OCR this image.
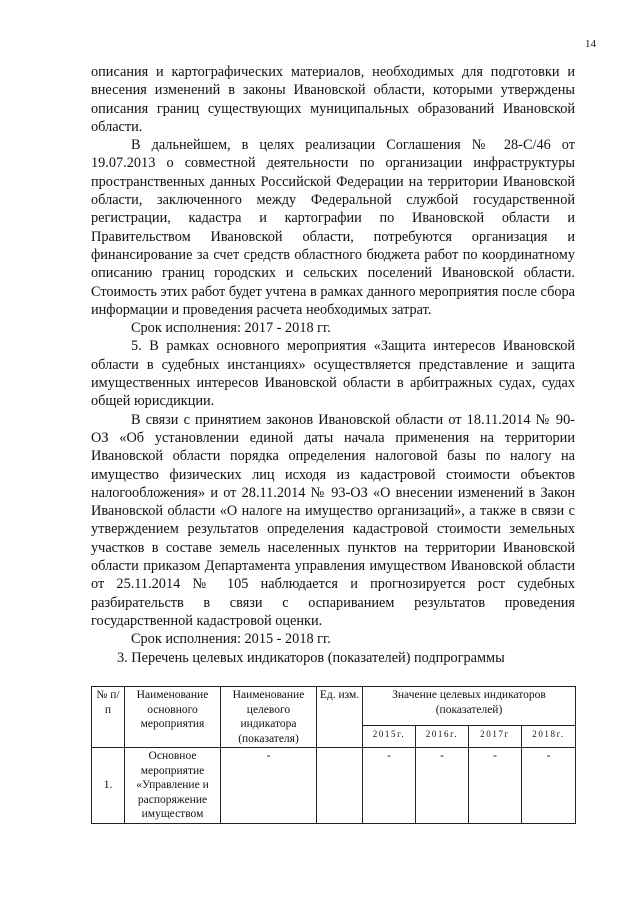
14

описания и картографических материалов, необходимых для подготовки и внесения изменений в законы Ивановской области, которыми утверждены описания границ существующих муниципальных образований Ивановской области.

В дальнейшем, в целях реализации Соглашения № 28-С/46 от 19.07.2013 о совместной деятельности по организации инфраструктуры пространственных данных Российской Федерации на территории Ивановской области, заключенного между Федеральной службой государственной регистрации, кадастра и картографии по Ивановской области и Правительством Ивановской области, потребуются организация и финансирование за счет средств областного бюджета работ по координатному описанию границ городских и сельских поселений Ивановской области. Стоимость этих работ будет учтена в рамках данного мероприятия после сбора информации и проведения расчета необходимых затрат.

Срок исполнения: 2017 - 2018 гг.

5. В рамках основного мероприятия «Защита интересов Ивановской области в судебных инстанциях» осуществляется представление и защита имущественных интересов Ивановской области в арбитражных судах, судах общей юрисдикции.

В связи с принятием законов Ивановской области от 18.11.2014 № 90-ОЗ «Об установлении единой даты начала применения на территории Ивановской области порядка определения налоговой базы по налогу на имущество физических лиц исходя из кадастровой стоимости объектов налогообложения» и от 28.11.2014 № 93-ОЗ «О внесении изменений в Закон Ивановской области «О налоге на имущество организаций», а также в связи с утверждением результатов определения кадастровой стоимости земельных участков в составе земель населенных пунктов на территории Ивановской области приказом Департамента управления имуществом Ивановской области от 25.11.2014 № 105 наблюдается и прогнозируется рост судебных разбирательств в связи с оспариванием результатов проведения государственной кадастровой оценки.

Срок исполнения: 2015 - 2018 гг.

3. Перечень целевых индикаторов (показателей) подпрограммы

№ п/п	Наименование основного мероприятия	Наименование целевого индикатора (показателя)	Ед. изм.	Значение целевых индикаторов (показателей)			
				2015г.	2016г.	2017г	2018г.
1.	Основное мероприятие «Управление и распоряжение имуществом	-		-	-	-	-
